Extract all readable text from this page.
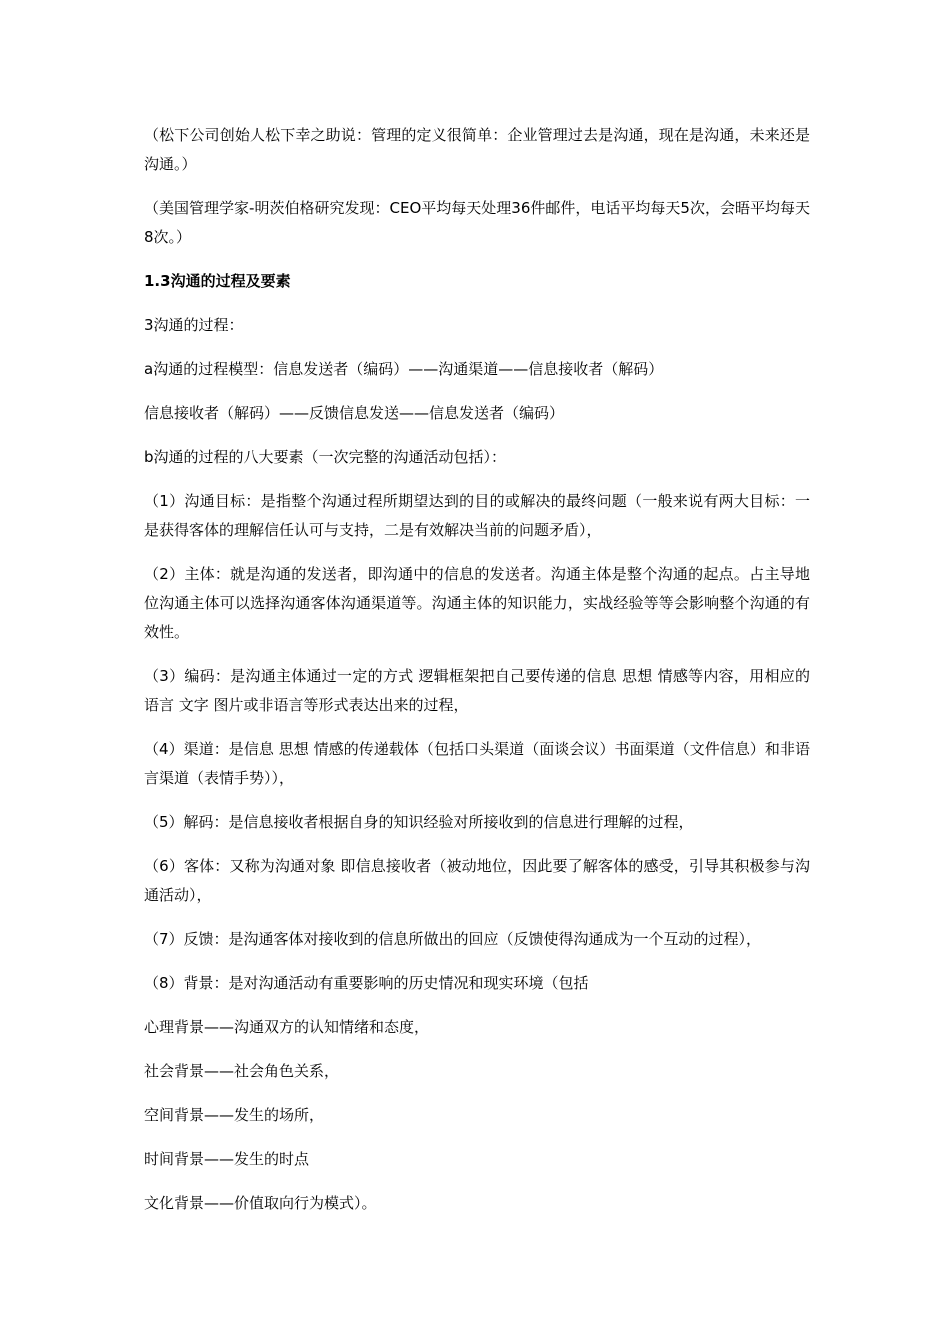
（松下公司创始人松下幸之助说：管理的定义很简单：企业管理过去是沟通，现在是沟通，未来还是沟通。）

（美国管理学家-明茨伯格研究发现：CEO平均每天处理36件邮件，电话平均每天5次，会晤平均每天8次。）

1.3沟通的过程及要素

3沟通的过程：

a沟通的过程模型：信息发送者（编码）——沟通渠道——信息接收者（解码）

信息接收者（解码）——反馈信息发送——信息发送者（编码）

b沟通的过程的八大要素（一次完整的沟通活动包括）：

（1）沟通目标：是指整个沟通过程所期望达到的目的或解决的最终问题（一般来说有两大目标：一是获得客体的理解信任认可与支持，二是有效解决当前的问题矛盾），

（2）主体：就是沟通的发送者，即沟通中的信息的发送者。沟通主体是整个沟通的起点。占主导地位沟通主体可以选择沟通客体沟通渠道等。沟通主体的知识能力，实战经验等等会影响整个沟通的有效性。

（3）编码：是沟通主体通过一定的方式 逻辑框架把自己要传递的信息 思想 情感等内容，用相应的语言 文字 图片或非语言等形式表达出来的过程，

（4）渠道：是信息 思想 情感的传递载体（包括口头渠道（面谈会议）书面渠道（文件信息）和非语言渠道（表情手势）），

（5）解码：是信息接收者根据自身的知识经验对所接收到的信息进行理解的过程，

（6）客体：又称为沟通对象 即信息接收者（被动地位，因此要了解客体的感受，引导其积极参与沟通活动），

（7）反馈：是沟通客体对接收到的信息所做出的回应（反馈使得沟通成为一个互动的过程），

（8）背景：是对沟通活动有重要影响的历史情况和现实环境（包括

心理背景——沟通双方的认知情绪和态度，

社会背景——社会角色关系，

空间背景——发生的场所，

时间背景——发生的时点

文化背景——价值取向行为模式）。
